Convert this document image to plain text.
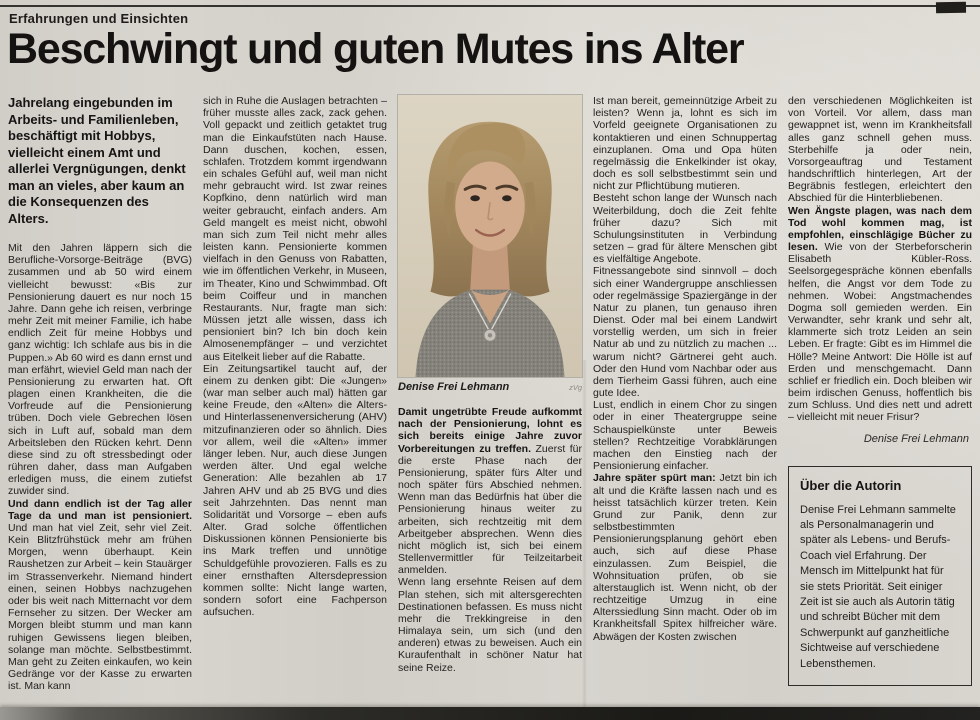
Erfahrungen und Einsichten
Beschwingt und guten Mutes ins Alter

Jahrelang eingebunden im Arbeits- und Familienleben, beschäftigt mit Hobbys, vielleicht einem Amt und allerlei Vergnügungen, denkt man an vieles, aber kaum an die Konsequenzen des Alters.

Mit den Jahren läppern sich die Berufliche-Vorsorge-Beiträge (BVG) zusammen und ab 50 wird einem vielleicht bewusst: «Bis zur Pensionierung dauert es nur noch 15 Jahre. Dann gehe ich reisen, verbringe mehr Zeit mit meiner Familie, ich habe endlich Zeit für meine Hobbys und ganz wichtig: Ich schlafe aus bis in die Puppen.» Ab 60 wird es dann ernst und man erfährt, wieviel Geld man nach der Pensionierung zu erwarten hat. Oft plagen einen Krankheiten, die die Vorfreude auf die Pensionierung trüben. Doch viele Gebrechen lösen sich in Luft auf, sobald man dem Arbeitsleben den Rücken kehrt. Denn diese sind zu oft stressbedingt oder rühren daher, dass man Aufgaben erledigen muss, die einem zutiefst zuwider sind.

Und dann endlich ist der Tag aller Tage da und man ist pensioniert. Und man hat viel Zeit, sehr viel Zeit. Kein Blitzfrühstück mehr am frühen Morgen, wenn überhaupt. Kein Raushetzen zur Arbeit – kein Stauärger im Strassenverkehr. Niemand hindert einen, seinen Hobbys nachzugehen oder bis weit nach Mitternacht vor dem Fernseher zu sitzen. Der Wecker am Morgen bleibt stumm und man kann ruhigen Gewissens liegen bleiben, solange man möchte. Selbstbestimmt. Man geht zu Zeiten einkaufen, wo kein Gedränge vor der Kasse zu erwarten ist. Man kann

sich in Ruhe die Auslagen betrachten – früher musste alles zack, zack gehen. Voll gepackt und zeitlich getaktet trug man die Einkaufstüten nach Hause. Dann duschen, kochen, essen, schlafen. Trotzdem kommt irgendwann ein schales Gefühl auf, weil man nicht mehr gebraucht wird. Ist zwar reines Kopfkino, denn natürlich wird man weiter gebraucht, einfach anders. Am Geld mangelt es meist nicht, obwohl man sich zum Teil nicht mehr alles leisten kann. Pensionierte kommen vielfach in den Genuss von Rabatten, wie im öffentlichen Verkehr, in Museen, im Theater, Kino und Schwimmbad. Oft beim Coiffeur und in manchen Restaurants. Nur, fragte man sich: Müssen jetzt alle wissen, dass ich pensioniert bin? Ich bin doch kein Almosenempfänger – und verzichtet aus Eitelkeit lieber auf die Rabatte.

Ein Zeitungsartikel taucht auf, der einem zu denken gibt: Die «Jungen» (war man selber auch mal) hätten gar keine Freude, den «Alten» die Alters- und Hinterlassenenversicherung (AHV) mitzufinanzieren oder so ähnlich. Dies vor allem, weil die «Alten» immer länger leben. Nur, auch diese Jungen werden älter. Und egal welche Generation: Alle bezahlen ab 17 Jahren AHV und ab 25 BVG und dies seit Jahrzehnten. Das nennt man Solidarität und Vorsorge – eben aufs Alter. Grad solche öffentlichen Diskussionen können Pensionierte bis ins Mark treffen und unnötige Schuldgefühle provozieren. Falls es zu einer ernsthaften Altersdepression kommen sollte: Nicht lange warten, sondern sofort eine Fachperson aufsuchen.

Denise Frei Lehmann	zVg

Damit ungetrübte Freude aufkommt nach der Pensionierung, lohnt es sich bereits einige Jahre zuvor Vorbereitungen zu treffen. Zuerst für die erste Phase nach der Pensionierung, später fürs Alter und noch später fürs Abschied nehmen. Wenn man das Bedürfnis hat über die Pensionierung hinaus weiter zu arbeiten, sich rechtzeitig mit dem Arbeitgeber absprechen. Wenn dies nicht möglich ist, sich bei einem Stellenvermittler für Teilzeitarbeit anmelden.

Wenn lang ersehnte Reisen auf dem Plan stehen, sich mit altersgerechten Destinationen befassen. Es muss nicht mehr die Trekkingreise in den Himalaya sein, um sich (und den anderen) etwas zu beweisen. Auch ein Kuraufenthalt in schöner Natur hat seine Reize.

Ist man bereit, gemeinnützige Arbeit zu leisten? Wenn ja, lohnt es sich im Vorfeld geeignete Organisationen zu kontaktieren und einen Schnuppertag einzuplanen. Oma und Opa hüten regelmässig die Enkelkinder ist okay, doch es soll selbstbestimmt sein und nicht zur Pflichtübung mutieren.

Besteht schon lange der Wunsch nach Weiterbildung, doch die Zeit fehlte früher dazu? Sich mit Schulungsinstituten in Verbindung setzen – grad für ältere Menschen gibt es vielfältige Angebote.

Fitnessangebote sind sinnvoll – doch sich einer Wandergruppe anschliessen oder regelmässige Spaziergänge in der Natur zu planen, tun genauso ihren Dienst. Oder mal bei einem Landwirt vorstellig werden, um sich in freier Natur ab und zu nützlich zu machen ... warum nicht? Gärtnerei geht auch. Oder den Hund vom Nachbar oder aus dem Tierheim Gassi führen, auch eine gute Idee.

Lust, endlich in einem Chor zu singen oder in einer Theatergruppe seine Schauspielkünste unter Beweis stellen? Rechtzeitige Vorabklärungen machen den Einstieg nach der Pensionierung einfacher.

Jahre später spürt man: Jetzt bin ich alt und die Kräfte lassen nach und es heisst tatsächlich kürzer treten. Kein Grund zur Panik, denn zur selbstbestimmten Pensionierungsplanung gehört eben auch, sich auf diese Phase einzulassen. Zum Beispiel, die Wohnsituation prüfen, ob sie alterstauglich ist. Wenn nicht, ob der rechtzeitige Umzug in eine Alterssiedlung Sinn macht. Oder ob im Krankheitsfall Spitex hilfreicher wäre. Abwägen der Kosten zwischen

den verschiedenen Möglichkeiten ist von Vorteil. Vor allem, dass man gewappnet ist, wenn im Krankheitsfall alles ganz schnell gehen muss. Sterbehilfe ja oder nein, Vorsorgeauftrag und Testament handschriftlich hinterlegen, Art der Begräbnis festlegen, erleichtert den Abschied für die Hinterbliebenen.

Wen Ängste plagen, was nach dem Tod wohl kommen mag, ist empfohlen, einschlägige Bücher zu lesen. Wie von der Sterbeforscherin Elisabeth Kübler-Ross. Seelsorgegespräche können ebenfalls helfen, die Angst vor dem Tode zu nehmen. Wobei: Angstmachendes Dogma soll gemieden werden. Ein Verwandter, sehr krank und sehr alt, klammerte sich trotz Leiden an sein Leben. Er fragte: Gibt es im Himmel die Hölle? Meine Antwort: Die Hölle ist auf Erden und menschgemacht. Dann schlief er friedlich ein. Doch bleiben wir beim irdischen Genuss, hoffentlich bis zum Schluss. Und dies nett und adrett – vielleicht mit neuer Frisur?

Denise Frei Lehmann

Über die Autorin

Denise Frei Lehmann sammelte als Personalmanagerin und später als Lebens- und Berufs-Coach viel Erfahrung. Der Mensch im Mittelpunkt hat für sie stets Priorität. Seit einiger Zeit ist sie auch als Autorin tätig und schreibt Bücher mit dem Schwerpunkt auf ganzheitliche Sichtweise auf verschiedene Lebensthemen.
